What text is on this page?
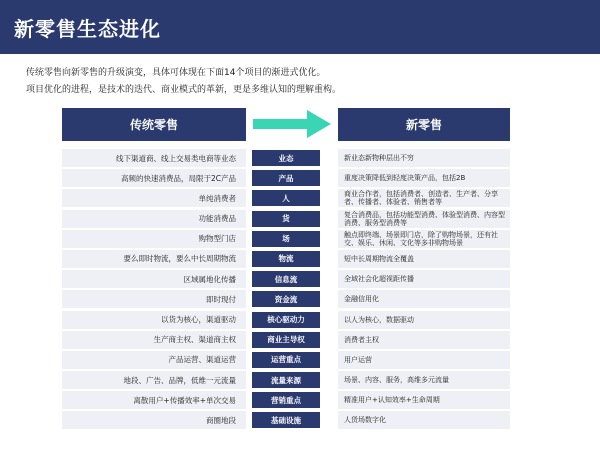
新零售生态进化
传统零售向新零售的升级演变，具体可体现在下面14个项目的渐进式优化。
项目优化的进程，是技术的迭代、商业模式的革新，更是多维认知的理解重构。
传统零售	新零售
线下渠道商、线上交易类电商等业态	业态	新业态新物种层出不穷
高频的快速消费品，局限于2C产品	产品	重度决策降低到轻度决策产品，包括2B
单纯消费者	人	商业合作者，包括消费者、创造者、生产者、分享者、传播者、体验者、销售者等
功能消费品	货	复合消费品，包括功能型消费、体验型消费、内容型消费、服务型消费等
购物型门店	场	触点即终端、场景即门店，除了购物场景，还有社交、娱乐、休闲、文化等多非购物场景
要么即时物流，要么中长周期物流	物流	短中长周期物流全覆盖
区域属地化传播	信息流	全域社会化超视距传播
即时现付	资金流	金融信用化
以货为核心，渠道驱动	核心驱动力	以人为核心，数据驱动
生产商主权、渠道商主权	商业主导权	消费者主权
产品运营、渠道运营	运营重点	用户运营
地段、广告、品牌，低维一元流量	流量来源	场景、内容、服务，高维多元流量
离散用户+传播效率+单次交易	营销重点	精准用户+认知效率+生命周期
商圈地段	基础设施	人货场数字化
